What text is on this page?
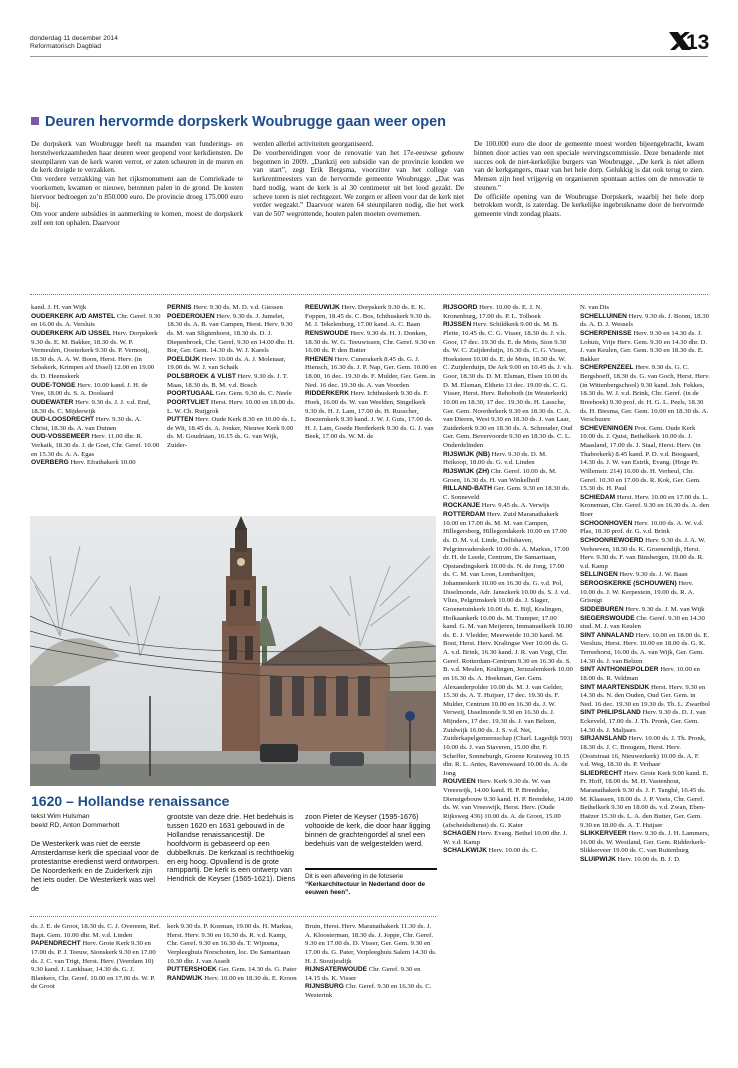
donderdag 11 december 2014
Reformatorisch Dagblad	13
Deuren hervormde dorpskerk Woubrugge gaan weer open
De dorpskerk van Woubrugge heeft na maanden van funderings- en herstelwerkzaamheden haar deuren weer geopend voor kerkdiensten. De steunpilaren van de kerk waren verrot, er zaten scheuren in de muren en de kerk dreigde te verzakken.
Om verdere verzakking van het rijksmonument aan de Comriekade te voorkomen, kwamen er nieuwe, betonnen palen in de grond. De kosten hiervoor bedroegen zo’n 850.000 euro. De provincie droeg 175.000 euro bij.
Om voor andere subsidies in aanmerking te komen, moest de dorpskerk zelf een ton ophalen. Daarvoor
werden allerlei activiteiten georganiseerd.
De voorbereidingen voor de renovatie van het 17e-eeuwse gebouw begonnen in 2009. „Dankzij een subsidie van de provincie konden we van start”, zegt Erik Bergsma, voorzitter van het college van kerkrentmeesters van de hervormde gemeente Woubrugge. „Dat was hard nodig, want de kerk is al 30 centimeter uit het lood gezakt. De scheve toren is niet rechtgezet. We zorgen er alleen voor dat de kerk niet verder wegzakt.” Daarvoor waren 64 steunpilaren nodig, die het werk van de 507 wegrottende, houten palen moeten overnemen.
De 100.000 euro die door de gemeente moest worden bijeengebracht, kwam binnen door acties van een speciale wervingscommissie. Deze benaderde met succes ook de niet-kerkelijke burgers van Woubrugge. „De kerk is niet alleen van de kerkgangers, maar van het hele dorp. Gelukkig is dat ook terug te zien. Mensen zijn heel vrijgevig en organiseren spontaan acties om de renovatie te steunen.”
De officiële opening van de Woubrugse Dorpskerk, waarbij het hele dorp betrokken wordt, is zaterdag. De kerkelijke ingebruikname door de hervormde gemeente vindt zondag plaats.

kand. J. H. van Wijk

OUDERKERK A/D AMSTEL Chr. Geref. 9.30 en 16.00 ds. A. Versluis

OUDERKERK A/D IJSSEL Herv. Dorpskerk 9.30 ds. E. M. Bakker, 18.30 ds. W. P. Vermeulen, Oosterkerk 9.30 ds. P. Vernooij, 18.30 ds. A. A. W. Boon, Herst. Herv. (in Sebakerk, Krimpen a/d IJssel) 12.00 en 19.00 ds. D. Heemskerk

OUDE-TONGE Herv. 10.00 kand. J. H. de Vree, 18.00 ds. S. A. Doolaard

OUDEWATER Herv. 9.30 ds. J. J. v.d. End, 18.30 ds. C. Mijderwijk

OUD-LOOSDRECHT Herv. 9.30 ds. A. Christ, 18.30 ds. A. van Duinen

OUD-VOSSEMEER Herv. 11.00 dhr. R. Verkaik, 18.30 ds. J. de Goei, Chr. Geref. 10.00 en 15.30 ds. A. A. Egas

OVERBERG Herv. Efrathakerk 10.00

PERNIS Herv. 9.30 ds. M. D. v.d. Giessen

POEDEROIJEN Herv. 9.30 ds. J. Jumelet, 18.30 ds. A. B. van Campen, Herst. Herv. 9.30 ds. M. van Sligtenhorst, 18.30 ds. D. J. Diepenbroek, Chr. Geref. 9.30 en 14.00 dhr. H. Bor, Ger. Gem. 14.30 ds. W. J. Karels

POELDIJK Herv. 10.00 ds. A. J. Molenaar, 19.00 ds. W. J. van Schaik

POLSBROEK & VLIST Herv. 9.30 ds. J. T. Maas, 18.30 ds. B. M. v.d. Bosch

POORTUGAAL Ger. Gem. 9.30 ds. C. Neele

POORTVLIET Herst. Herv. 10.00 en 18.00 ds. L. W. Ch. Ruijgrok

PUTTEN Herv. Oude Kerk 8.30 en 10.00 ds. L. de Wit, 18.45 ds. A. Jonker, Nieuwe Kerk 9.00 ds. M. Goudriaan, 16.15 ds. G. van Wijk, Zuider-

REEUWIJK Herv. Dorpskerk 9.30 ds. E. K. Foppen, 18.45 ds. C. Bos, Ichthuskerk 9.30 ds. M. J. Tekelenburg, 17.00 kand. A. C. Baan

RENSWOUDE Herv. 9.30 ds. H. J. Donken, 18.30 ds. W. G. Teeuwissen, Chr. Geref. 9.30 en 16.00 ds. P. den Butter

RHENEN Herv. Cunerakerk 8.45 ds. G. J. Hiensch, 16.30 ds. J. P. Nap, Ger. Gem. 10.00 en 18.00, 16 dec. 19.30 ds. F. Mulder, Ger. Gem. in Ned. 16 dec. 19.30 ds. A. van Voorden

RIDDERKERK Herv. Ichthuskerk 9.30 ds. F. Hoek, 16.00 ds. W. van Weelden, Singelkerk 9.30 ds. H. J. Lam, 17.00 ds. H. Russcher, Boezemkerk 9.30 kand. J. W. J. Guis, 17.00 ds. H. J. Lam, Goede Herderkerk 9.30 ds. G. J. van Beek, 17.00 ds. W. M. de

RIJSOORD Herv. 10.00 ds. E. J. N. Kronenburg, 17.00 ds. P. L. Tolhoek

RIJSSEN Herv. Schildkerk 9.00 ds. M. B. Plette, 10.45 ds. C. G. Visser, 18.30 ds. J. v.h. Goor, 17 dec. 19.30 ds. E. de Mots, Sion 9.30 ds. W. C. Zuijderduijn, 16.30 ds. C. G. Visser, Hoeksteen 10.00 ds. E. de Mots, 18.30 ds. W. C. Zuijderduijn, De Ark 9.00 en 10.45 ds. J. v.h. Goor, 18.30 ds. D. M. Elsman, Elsen 10.00 ds. D. M. Elsman, Eltheto 13 dec. 19.00 ds. C. G. Visser, Herst. Herv. Rehoboth (in Westerkerk) 10.00 en 18.30, 17 dec. 19.30 ds. H. Lassche, Ger. Gem. Noorderkerk 9.30 en 18.30 ds. C. A. van Dieren, West 9.30 en 18.30 ds. J. van Laar, Zuiderkerk 9.30 en 18.30 ds. A. Schreuder, Oud Ger. Gem. Bevervoorde 9.30 en 18.30 ds. C. L. Onderdelinden

RIJSWIJK (NB) Herv. 9.30 ds. D. M. Heikoop, 18.00 ds. G. v.d. Linden

RIJSWIJK (ZH) Chr. Geref. 10.00 ds. M. Groen, 16.30 ds. H. van Winkelhoff

RILLAND-BATH Ger. Gem. 9.30 en 18.30 ds. C. Sonneveld

ROCKANJE Herv. 9.45 ds. A. Verwijs

ROTTERDAM Herv. Zuid Maranathakerk 10.00 en 17.00 ds. M. M. van Campen, Hillegersberg, Hillegondakerk 10.00 en 17.00 ds. D. M. v.d. Linde, Delfshaven, Pelgrimvaderskerk 10.00 ds. A. Markus, 17.00 dr. H. de Leede, Centrum, De Samaritaan, Opstandingskerk 10.00 ds. N. de Jong, 17.00 ds. C. M. van Loon, Lombardijen, Johanneskerk 10.00 en 16.30 ds. G. v.d. Pol, IJsselmonde, Adr. Janszkerk 10.00 ds. S. J. v.d. Vlies, Pelgrimskerk 10.00 ds. J. Slager, Groenetuinkerk 10.00 ds. E. Bijl, Kralingen, Hofkaankerk 10.00 ds. M. Tramper, 17.00 kand. G. M. van Meijeren, Immanuelkerk 10.00 ds. E. J. Vledder, Meerweide 10.30 kand. M. Boot, Herst. Herv. Kralingse Veer 10.00 ds. G. A. v.d. Brink, 16.30 kand. J. R. van Vugt, Chr. Geref. Rotterdam-Centrum 9.30 en 16.30 ds. S. B. v.d. Meulen, Kralingen, Jeruzalemkerk 10.00 en 16.30 ds. A. Hoekman, Ger. Gem. Alexanderpolder 10.00 ds. M. J. van Gelder, 15.30 ds. A. T. Huijser, 17 dec. 19.30 ds. F. Mulder, Centrum 10.00 en 16.30 ds. J. W. Verweij, IJsselmonde 9.30 en 16.30 ds. J. Mijnders, 17 dec. 19.30 ds. J. van Belzen, Zuidwijk 16.00 ds. J. S. v.d. Net, Zuiderkapelgemeenschap (Charl. Lagedijk 593) 10.00 ds. J. van Staveren, 15.00 dhr. F. Scheffer, Sonneburgh, Groene Kruisweg 10.15 dhr. R. L. Antes, Ravenswaard 10.00 ds. A. de Jong

ROUVEEN Herv. Kerk 9.30 ds. W. van Vreeswijk, 14.00 kand. H. P. Brendeke, Dienstgebouw 9.30 kand. H. P. Brendeke, 14.00 ds. W. van Vreeswijk, Herst. Herv. (Oude Rijksweg 436) 10.00 ds. A. de Groot, 15.00 (afscheidsdienst) ds. G. Kater

SCHAGEN Herv. Evang. Bethel 10.00 dhr. J. W. v.d. Kamp

SCHALKWIJK Herv. 10.00 ds. C.

N. van Dis

SCHELLUINEN Herv. 9.30 ds. J. Boom, 18.30 ds. A. D. J. Wessels

SCHERPENISSE Herv. 9.30 en 14.30 ds. J. Lohuis, Vrije Herv. Gem. 9.30 en 14.30 dhr. D. J. van Keulen, Ger. Gem. 9.30 en 18.30 ds. E. Bakker

SCHERPENZEEL Herv. 9.30 ds. G. C. Bergshoeff, 18.30 ds. G. van Goch, Herst. Herv. (in Wittenbergschool) 9.30 kand. Joh. Fekkes, 18.30 ds. W. J. v.d. Brink, Chr. Geref. (in de Breehoek) 9.30 prof. dr. H. G. L. Peels, 18.30 ds. H. Biesma, Ger. Gem. 10.00 en 18.30 ds. A. Verschuure

SCHEVENINGEN Prot. Gem. Oude Kerk 10.00 ds. J. Quist, Bethelkerk 10.00 ds. J. Maasland, 17.00 ds. J. Staal, Herst. Herv. (in Thaborkerk) 8.45 kand. P. D. v.d. Boogaard, 14.30 ds. J. W. van Estrik, Evang. (Hoge Pr. Willemstr. 214) 16.00 ds. H. Verheul, Chr. Geref. 10.30 en 17.00 ds. R. Kok, Ger. Gem. 15.30 ds. H. Paul

SCHIEDAM Herst. Herv. 10.00 en 17.00 ds. L. Kroneman, Chr. Geref. 9.30 en 16.30 ds. A. den Boer

SCHOONHOVEN Herv. 10.00 ds. A. W. v.d. Plas, 18.30 prof. dr. G. v.d. Brink

SCHOONREWOERD Herv. 9.30 ds. J. A. W. Verhoeven, 18.30 ds. K. Groenendijk, Herst. Herv. 9.30 ds. F. van Binsbergen, 19.00 ds. R. v.d. Kamp

SELLINGEN Herv. 9.30 ds. J. W. Baan

SEROOSKERKE (SCHOUWEN) Herv. 10.00 ds. J. W. Kerpestein, 19.00 ds. R. A. Grisnigt

SIDDEBUREN Herv. 9.30 ds. J. M. van Wijk

SIEGERSWOUDE Chr. Geref. 9.30 en 14.30 stud. M. J. van Keulen

SINT ANNALAND Herv. 10.00 en 18.00 ds. E. Versluis, Herst. Herv. 10.00 en 18.00 ds. G. K. Terreehorst, 16.00 ds. A. van Wijk, Ger. Gem. 14.30 ds. J. van Belzen

SINT ANTHONIEPOLDER Herv. 10.00 en 18.00 ds. R. Veldman

SINT MAARTENSDIJK Herst. Herv. 9.30 en 14.30 ds. N. den Ouden, Oud Ger. Gem. in Ned. 16 dec. 19.30 en 19.30 ds. Th. L. Zwartbol

SINT PHILIPSLAND Herv. 9.30 ds. D. J. van Eckeveld, 17.00 ds. J. Th. Pronk, Ger. Gem. 14.30 ds. J. Maljaars

SIRJANSLAND Herv. 10.00 ds. J. Th. Pronk, 18.30 ds. J. C. Breugem, Herst. Herv. (Ooststraat 16, Nieuwerkerk) 10.00 ds. A. F. v.d. Weg, 18.30 ds. P. Verhaar

SLIEDRECHT Herv. Grote Kerk 9.00 kand. E. Fr. Hoff, 18.00 ds. M. H. Vastenhout, Maranathakerk 9.30 ds. J. F. Tanghé, 16.45 ds. M. Klaassen, 18.00 ds. J. P. Voets, Chr. Geref. Bethelkerk 9.30 en 18.00 ds. v.d. Zwan, Eben-Haëzer 15.30 ds. L. A. den Butter, Ger. Gem. 9.30 en 18.00 ds. A. T. Huijser

SLIKKERVEER Herv. 9.30 ds. J. H. Lammers, 16.00 ds. W. Westland, Ger. Gem. Ridderkerk-Slikkerveer 19.00 ds. C. van Ruitenburg

SLUIPWIJK Herv. 10.00 ds. B. J. D.

1620 – Hollandse renaissance
tekst Wim Hulsman
beeld RD, Anton Dommerholt
De Westerkerk was niet de eerste Amsterdamse kerk die speciaal voor de protestantse eredienst werd ontworpen. De Noorderkerk en de Zuiderkerk zijn het iets ouder. De Westerkerk was wel de
grootste van deze drie. Het bedehuis is tussen 1620 en 1631 gebouwd in de Hollandse renaissancestijl. De hoofdvorm is gebaseerd op een dubbelkruis. De kerkzaal is rechthoekig en erg hoog. Opvallend is de grote ramppartij. De kerk is een ontwerp van Hendrick de Keyser (1565-1621). Diens
zoon Pieter de Keyser (1595-1676) voltooide de kerk, die door haar ligging binnen de grachtengordel al snel een bedehuis van de welgestelden werd.
Dit is een aflevering in de fotoserie
“Kerkarchitectuur in Nederland door de eeuwen heen”.

ds. J. E. de Groot, 18.30 ds. C. J. Overeem, Ref. Bapt. Gem. 10.00 dhr. M. v.d. Linden

PAPENDRECHT Herv. Grote Kerk 9.30 en 17.00 ds. P. J. Teeuw, Sionskerk 9.30 en 17.00 ds. J. C. van Trigt, Herst. Herv. (Veerdam 10) 9.30 kand. J. Lankhaar, 14.30 ds. G. J. Blankers, Chr. Geref. 10.00 en 17.00 ds. W. P. de Groot

kerk 9.30 ds. P. Koeman, 19.00 ds. H. Markus, Herst. Herv. 9.30 en 16.30 ds. R. v.d. Kamp, Chr. Geref. 9.30 en 16.30 ds. T. Wijnsma, Verpleeghuis Norschoten, loc. De Samaritaan 10.30 dhr. J. van Asselt

PUTTERSHOEK Ger. Gem. 14.30 ds. G. Pater

RANDWIJK Herv. 10.00 en 18.30 ds. E. Kroon

Bruin, Herst. Herv. Maranathakerk 11.30 ds. J. A. Kloosterman, 18.30 ds. J. Joppe, Chr. Geref. 9.30 en 17.00 ds. D. Visser, Ger. Gem. 9.30 en 17.00 ds. G. Pater, Verpleeghuis Salem 14.30 ds. H. J. Stoutjesdijk

RIJNSATERWOUDE Chr. Geref. 9.30 en 14.15 ds. K. Visser

RIJNSBURG Chr. Geref. 9.30 en 16.30 ds. C. Westerink
